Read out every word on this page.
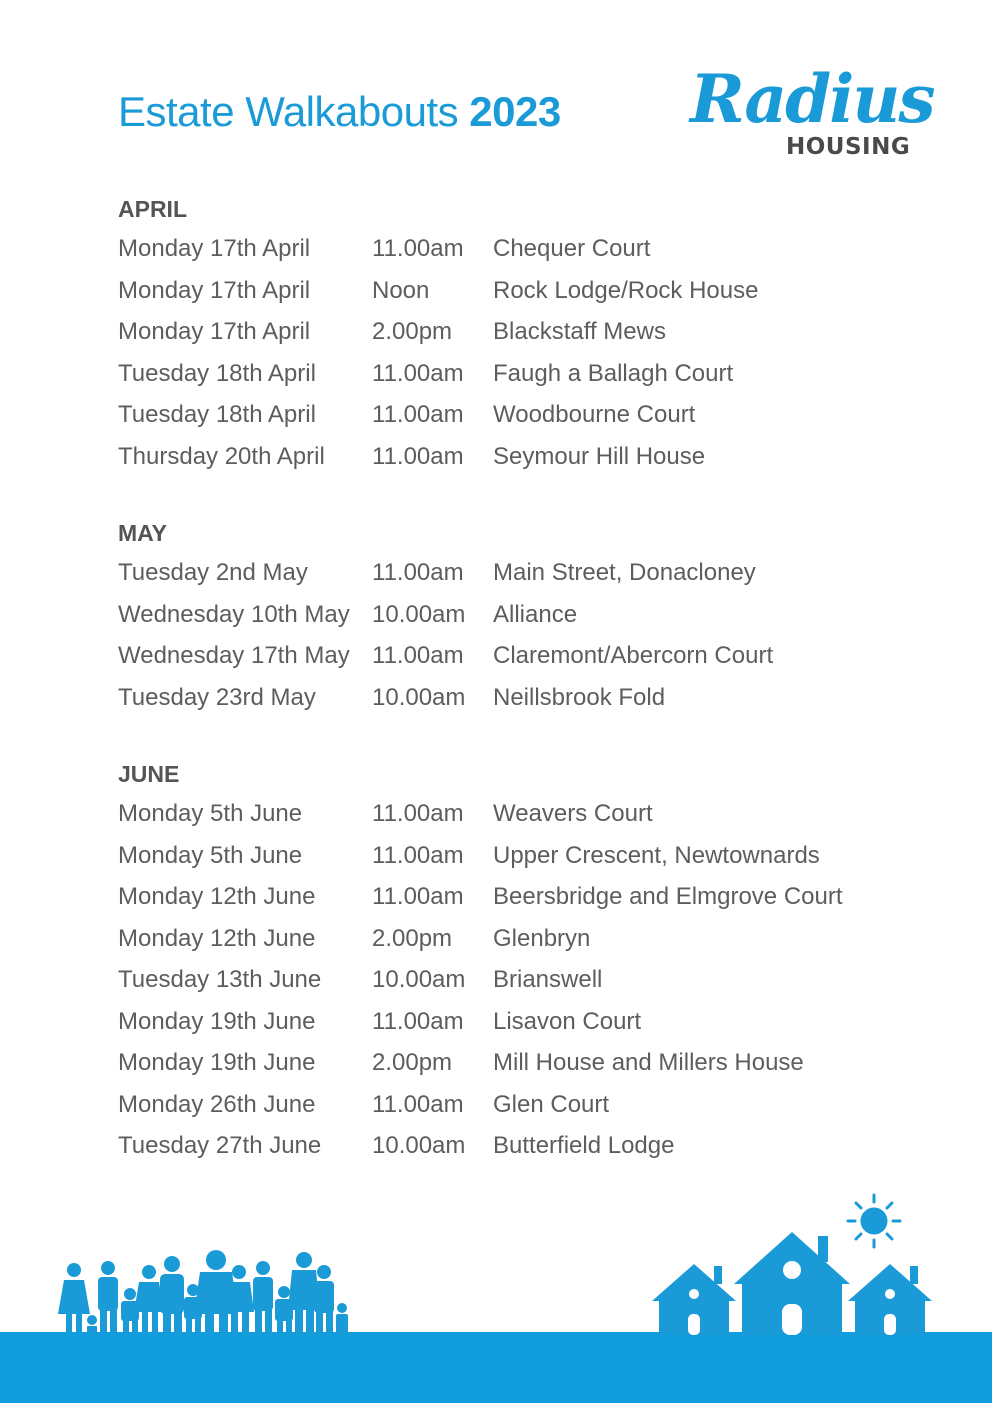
Estate Walkabouts 2023 Radius
HOUSING
APRIL
Monday 17th April	11.00am Chequer Court
Monday 17th April	Noon	Rock Lodge/Rock House
Monday 17th April	2.00pm Blackstaff Mews
Tuesday 18th April 11.00am Faugh a Ballagh Court
Tuesday 18th April 11.00am Woodbourne Court
Thursday 20th April 11.00am Seymour Hill House
MAY
Tuesday 2nd May	11.00am Main Street, Donacloney
Wednesday 10th May 10.00am Alliance
Wednesday 17th May 11.00am Claremont/Abercorn Court
Tuesday 23rd May 10.00am Neillsbrook Fold
JUNE
Monday 5th June	11.00am Weavers Court
Monday 5th June	11.00am Upper Crescent, Newtownards
Monday 12th June 11.00am Beersbridge and Elmgrove Court
Monday 12th June 2.00pm Glenbryn
Tuesday 13th June 10.00am Brianswell
Monday 19th June 11.00am Lisavon Court
Monday 19th June 2.00pm Mill House and Millers House
Monday 26th June 11.00am Glen Court
Tuesday 27th June 10.00am Butterfield Lodge
